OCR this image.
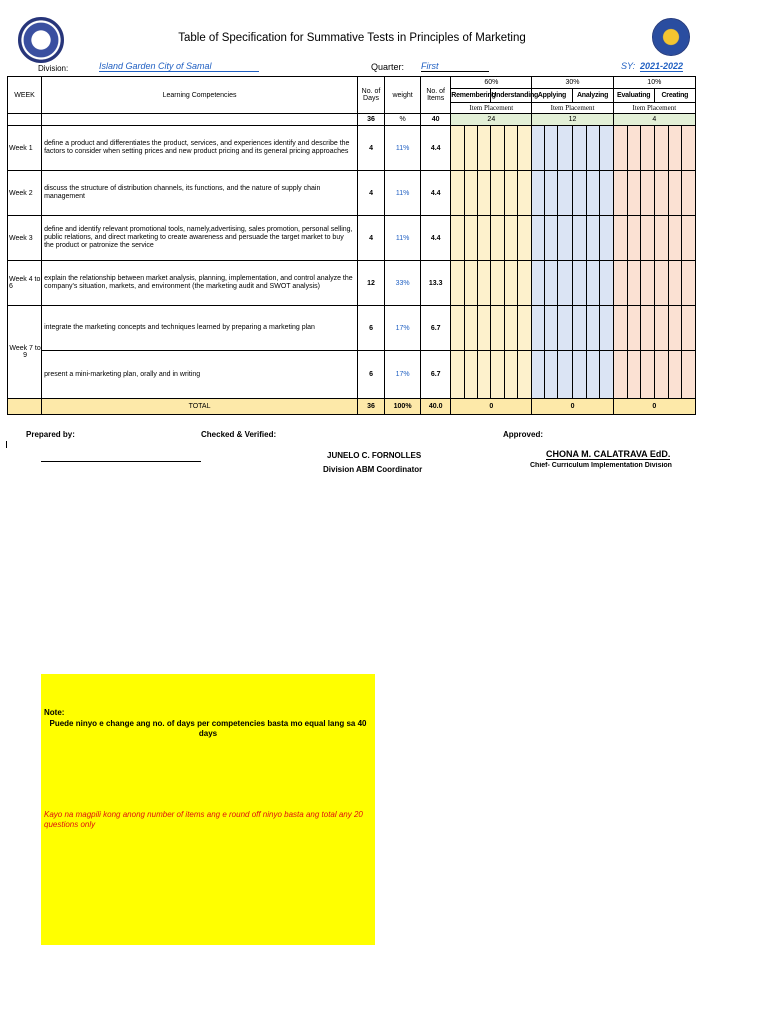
Table of Specification for Summative Tests in Principles of Marketing
Division:	Island Garden City of Samal	Quarter: First	SY: 2021-2022
WEEK	Learning Competencies	No. of Days	weight	No. of Items	60%						30%						10%					
					Remembering			Understanding			Applying			Analyzing			Evaluating			Creating		
					Item Placement						Item Placement						Item Placement					
		36	%	40	24						12						4					
Week 1	define a product and differentiates the product, services, and experiences identify and describe the factors to consider when setting prices and new product pricing and its general pricing approaches	4	11%	4.4																		
Week 2	discuss the structure of distribution channels, its functions, and the nature of supply chain management	4	11%	4.4																		
Week 3	define and identify relevant promotional tools, namely,advertising, sales promotion, personal selling, public relations, and direct marketing to create awareness and persuade the target market to buy the product or patronize the service	4	11%	4.4																		
Week 4 to 6	explain the relationship between market analysis, planning, implementation, and control analyze the company's situation, markets, and environment (the marketing audit and SWOT analysis)	12	33%	13.3																		
Week 7 to 9	integrate the marketing concepts and techniques learned by preparing a marketing plan	6	17%	6.7																		
	present a mini-marketing plan, orally and in writing	6	17%	6.7																		
	TOTAL	36	100%	40.0	0						0						0					
Prepared by:	Checked & Verified:
JUNELO C. FORNOLLES
Division ABM Coordinator
Approved:
CHONA M. CALATRAVA EdD.
Chief- Curriculum Implementation Division
Note:
Puede ninyo e change ang no. of days per competencies basta mo equal lang sa 40 days
Kayo na magpili kong anong number of items ang e round off ninyo basta ang total any 20 questions only
